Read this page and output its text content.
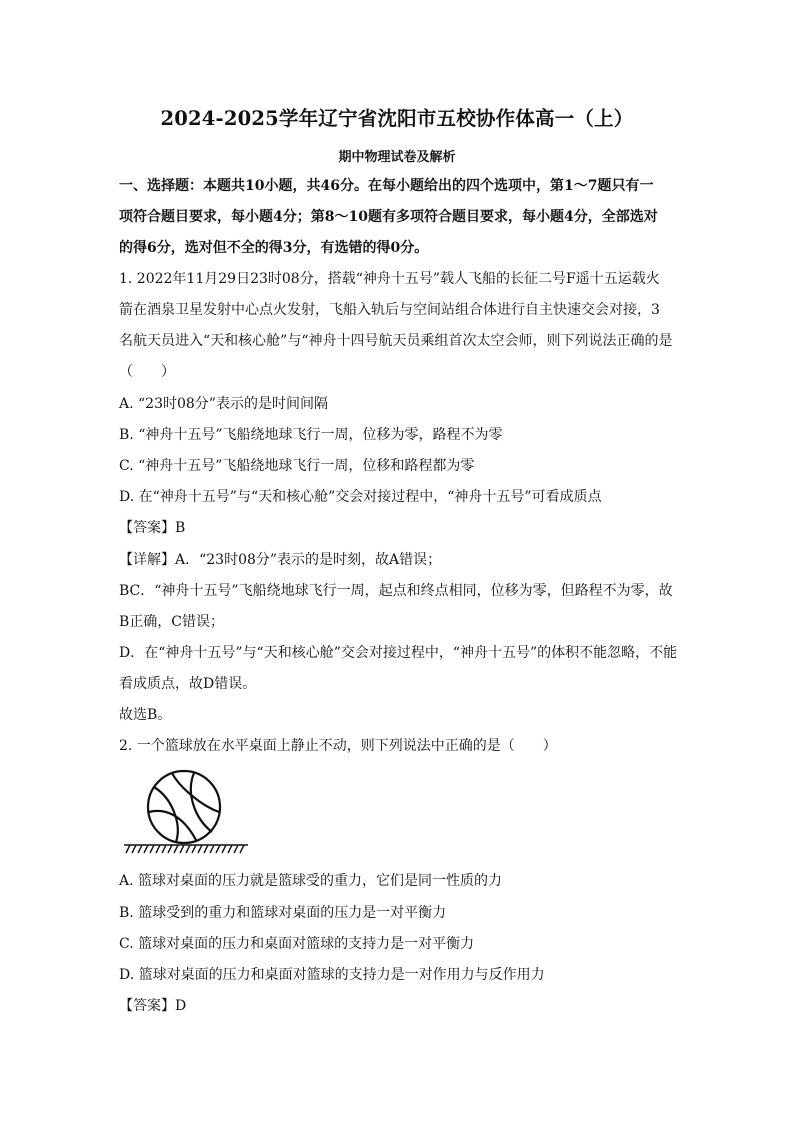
2024-2025学年辽宁省沈阳市五校协作体高一（上）
期中物理试卷及解析
一、选择题：本题共10小题，共46分。在每小题给出的四个选项中，第1～7题只有一
项符合题目要求，每小题4分；第8～10题有多项符合题目要求，每小题4分，全部选对
的得6分，选对但不全的得3分，有选错的得0分。
1. 2022年11月29日23时08分，搭载“神舟十五号”载人飞船的长征二号F遥十五运载火
箭在酒泉卫星发射中心点火发射，飞船入轨后与空间站组合体进行自主快速交会对接，3
名航天员进入“天和核心舱”与“神舟十四号航天员乘组首次太空会师，则下列说法正确的是
（　　）
A. “23时08分”表示的是时间间隔
B. “神舟十五号”飞船绕地球飞行一周，位移为零，路程不为零
C. “神舟十五号”飞船绕地球飞行一周，位移和路程都为零
D. 在“神舟十五号”与“天和核心舱”交会对接过程中，“神舟十五号”可看成质点
【答案】B
【详解】A．“23时08分”表示的是时刻，故A错误；
BC．“神舟十五号”飞船绕地球飞行一周，起点和终点相同，位移为零，但路程不为零，故
B正确，C错误；
D．在“神舟十五号”与“天和核心舱”交会对接过程中，“神舟十五号”的体积不能忽略，不能
看成质点，故D错误。
故选B。
2. 一个篮球放在水平桌面上静止不动，则下列说法中正确的是（　　）
A. 篮球对桌面的压力就是篮球受的重力，它们是同一性质的力
B. 篮球受到的重力和篮球对桌面的压力是一对平衡力
C. 篮球对桌面的压力和桌面对篮球的支持力是一对平衡力
D. 篮球对桌面的压力和桌面对篮球的支持力是一对作用力与反作用力
【答案】D
